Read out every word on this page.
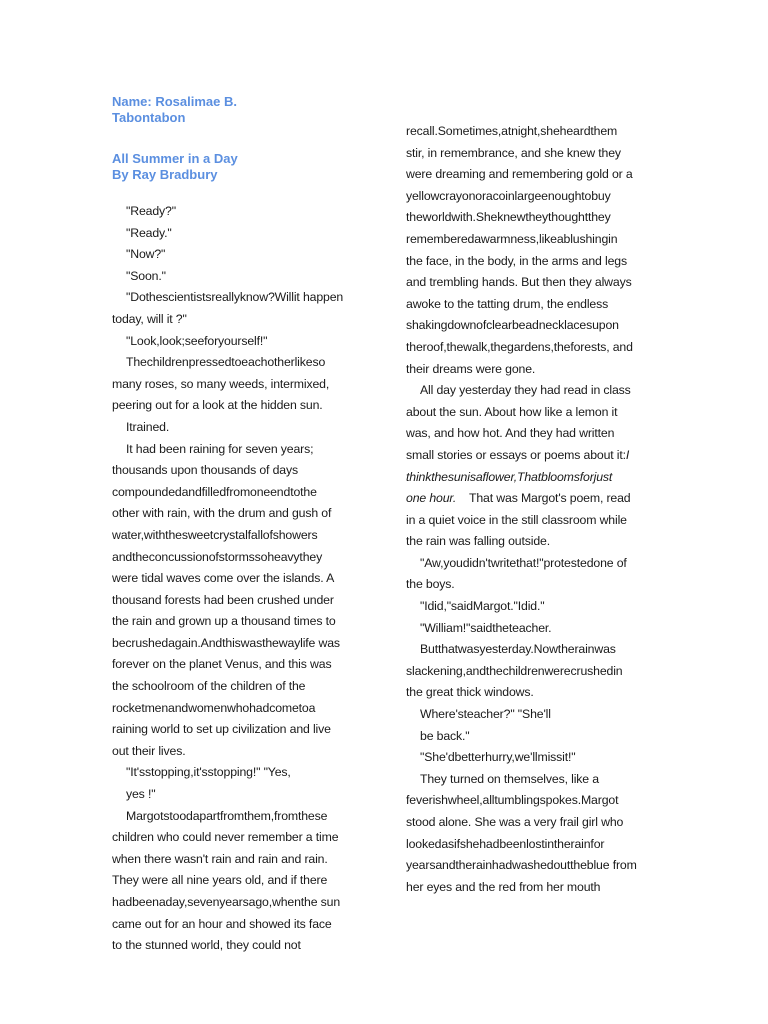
Name: Rosalimae B.
Tabontabon
All Summer in a Day
By Ray Bradbury
"Ready?"
"Ready."
"Now?"
"Soon."
"Dothescientistsreallyknow?Willit happen
today, will it ?"
"Look,look;seeforyourself!"
Thechildrenpressedtoeachotherlikeso
many roses, so many weeds, intermixed,
peering out for a look at the hidden sun.
Itrained.
It had been raining for seven years;
thousands upon thousands of days
compoundedandfilledfromoneendtothe
other with rain, with the drum and gush of
water,withthesweetcrystalfallofshowers
andtheconcussionofstormssoheavythey
were tidal waves come over the islands. A
thousand forests had been crushed under
the rain and grown up a thousand times to
becrushedagain.Andthiswasthewaylife was
forever on the planet Venus, and this was
the schoolroom of the children of the
rocketmenandwomenwhohadcometoa
raining world to set up civilization and live
out their lives.
"It'sstopping,it'sstopping!" "Yes,
yes !"
Margotstoodapartfromthem,fromthese
children who could never remember a time
when there wasn't rain and rain and rain.
They were all nine years old, and if there
hadbeenaday,sevenyearsago,whenthe sun
came out for an hour and showed its face
to the stunned world, they could not
recall.Sometimes,atnight,sheheardthem
stir, in remembrance, and she knew they
were dreaming and remembering gold or a
yellowcrayonoracoinlargeenoughtobuy
theworldwith.Sheknewtheythoughtthey
rememberedawarmness,likeablushingin
the face, in the body, in the arms and legs
and trembling hands. But then they always
awoke to the tatting drum, the endless
shakingdownofclearbeadnecklacesupon
theroof,thewalk,thegardens,theforests, and
their dreams were gone.
All day yesterday they had read in class
about the sun. About how like a lemon it
was, and how hot. And they had written
small stories or essays or poems about it:I
thinkthesunisaflower,Thatbloomsforjust
one hour.    That was Margot's poem, read
in a quiet voice in the still classroom while
the rain was falling outside.
"Aw,youdidn'twritethat!"protestedone of
the boys.
"Idid,"saidMargot."Idid."
"William!"saidtheteacher.
Butthatwasyesterday.Nowtherainwas
slackening,andthechildrenwerecrushedin
the great thick windows.
Where'steacher?" "She'll
be back."
"She'dbetterhurry,we'llmissit!"
They turned on themselves, like a
feverishwheel,alltumblingspokes.Margot
stood alone. She was a very frail girl who
lookedasifshehadbeenlostintherainfor
yearsandtherainhadwashedouttheblue from
her eyes and the red from her mouth
